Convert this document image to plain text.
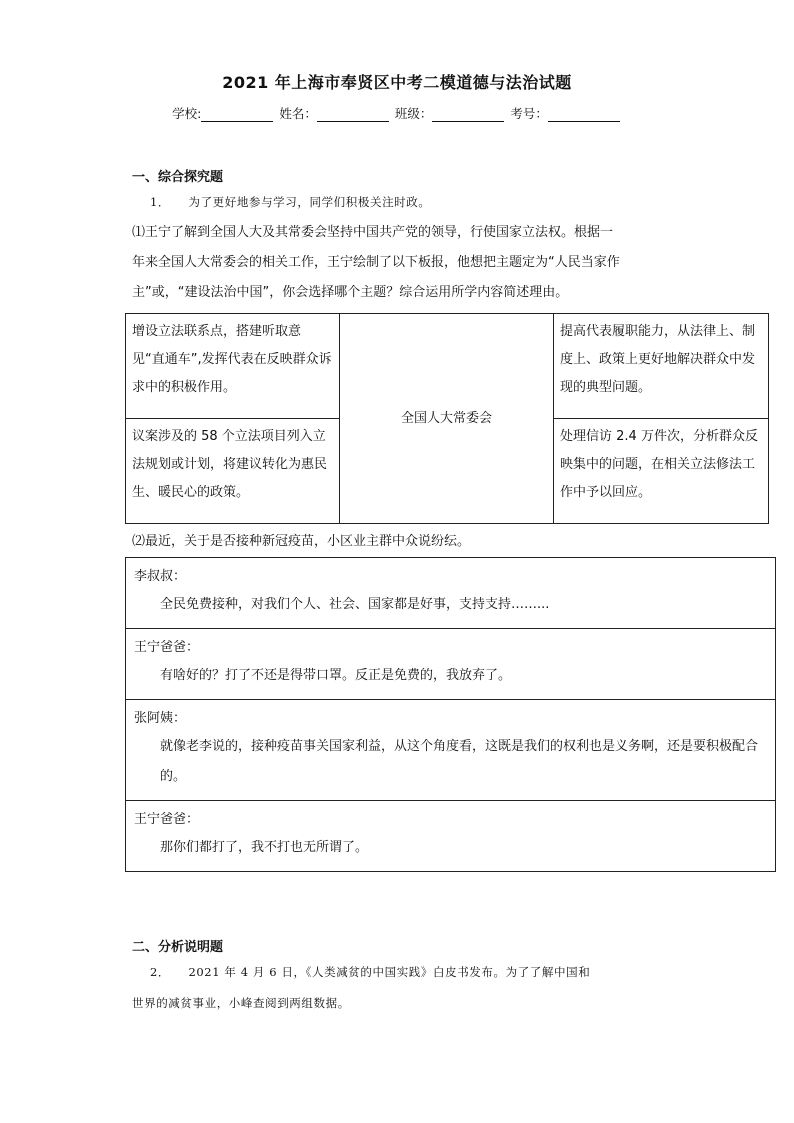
2021 年上海市奉贤区中考二模道德与法治试题
学校:	姓名：	班级：	考号：
一、综合探究题
1．　　为了更好地参与学习，同学们积极关注时政。
⑴王宁了解到全国人大及其常委会坚持中国共产党的领导，行使国家立法权。根据一
年来全国人大常委会的相关工作，王宁绘制了以下板报，他想把主题定为“人民当家作
主”或，“建设法治中国”，你会选择哪个主题？综合运用所学内容简述理由。
增设立法联系点，搭建听取意见“直通车”,发挥代表在反映群众诉求中的积极作用。	全国人大常委会	提高代表履职能力，从法律上、制度上、政策上更好地解决群众中发现的典型问题。
议案涉及的 58 个立法项目列入立法规划或计划，将建议转化为惠民生、暖民心的政策。		处理信访 2.4 万件次，分析群众反映集中的问题，在相关立法修法工作中予以回应。
⑵最近，关于是否接种新冠疫苗，小区业主群中众说纷纭。
李叔叔：
全民免费接种，对我们个人、社会、国家都是好事，支持支持……...
王宁爸爸：
有啥好的？打了不还是得带口罩。反正是免费的，我放弃了。
张阿姨：
就像老李说的，接种疫苗事关国家利益，从这个角度看，这既是我们的权利也是义务啊，还是要积极配合的。
王宁爸爸：
那你们都打了，我不打也无所谓了。
二、分析说明题
2．　　2021 年 4 月 6 日，《人类减贫的中国实践》白皮书发布。为了了解中国和
世界的减贫事业，小峰查阅到两组数据。
